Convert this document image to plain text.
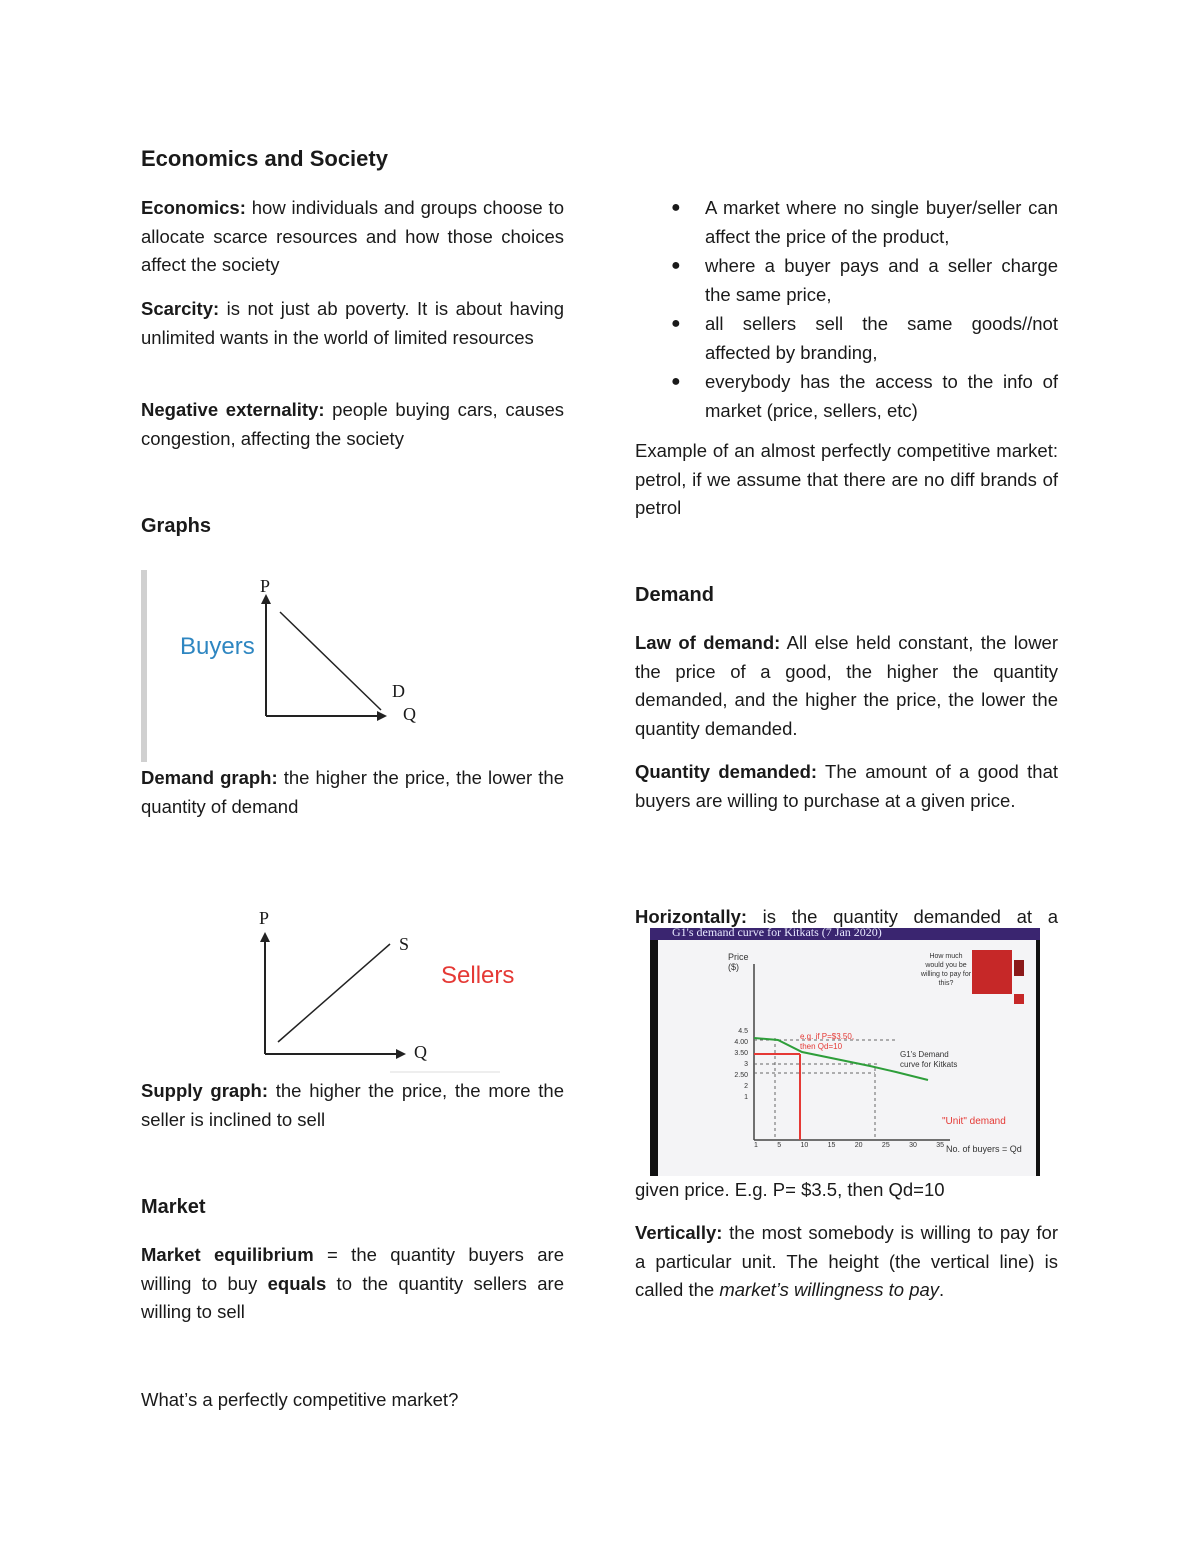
Economics and Society

Economics: how individuals and groups choose to allocate scarce resources and how those choices affect the society

Scarcity: is not just ab poverty. It is about having unlimited wants in the world of limited resources

Negative externality: people buying cars, causes congestion, affecting the society

Graphs
P
Q
D
Buyers

Demand graph: the higher the price, the lower the quantity of demand

P
Q
S
Sellers

Supply graph: the higher the price, the more the seller is inclined to sell

Market

Market equilibrium = the quantity buyers are willing to buy equals to the quantity sellers are willing to sell

What’s a perfectly competitive market?

● A market where no single buyer/seller can affect the price of the product,
● where a buyer pays and a seller charge the same price,
● all sellers sell the same goods//not affected by branding,
● everybody has the access to the info of market (price, sellers, etc)

Example of an almost perfectly competitive market: petrol, if we assume that there are no diff brands of petrol

Demand

Law of demand: All else held constant, the lower the price of a good, the higher the quantity demanded, and the higher the price, the lower the quantity demanded.

Quantity demanded: The amount of a good that buyers are willing to purchase at a given price.

Horizontally: is the quantity demanded at a

G1's demand curve for Kitkats (7 Jan 2020)
Price ($)
How much would you be willing to pay for this?
e.g. if P=$3.50, then Qd=10
G1's Demand curve for Kitkats
"Unit" demand
No. of buyers = Qd
4.5
4.00
3.50
3
2.50
2
1
1	5	10	15	20	25	30	35

given price. E.g. P= $3.5, then Qd=10

Vertically: the most somebody is willing to pay for a particular unit. The height (the vertical line) is called the market’s willingness to pay.
